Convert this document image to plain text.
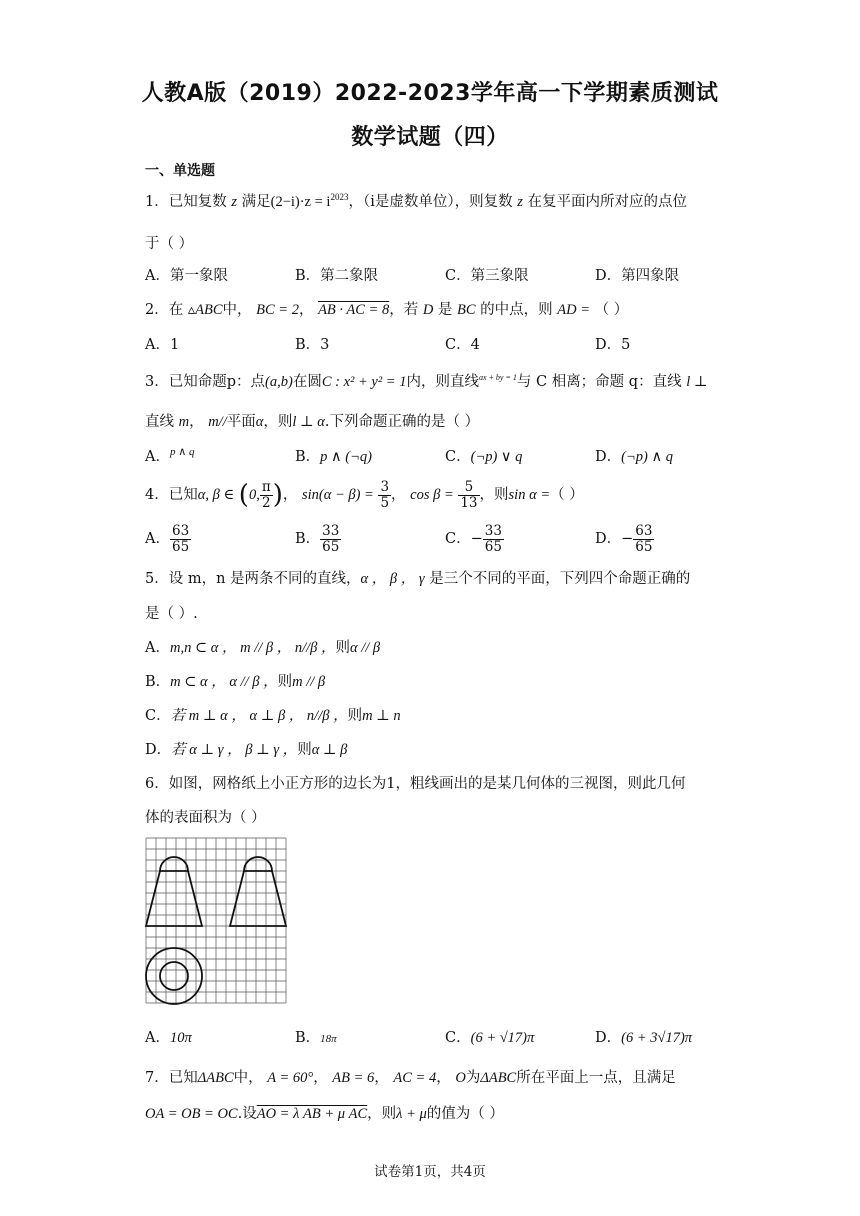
人教A版（2019）2022-2023学年高一下学期素质测试
数学试题（四）
一、单选题
1．已知复数 z 满足$(2-i)\cdot z = i^{2023}$，（i是虚数单位），则复数 z 在复平面内所对应的点位
于（ ）
A．第一象限	B．第二象限	C．第三象限	D．第四象限
2．在 ▵ABC中， BC = 2， AB · AC = 8，若 D 是 BC 的中点，则 AD = （ ）
A．1	B．3	C．4	D．5
3．已知命题p：点(a,b)在圆C : x² + y² = 1内，则直线$^{ax + by = 1}$与 C 相离；命题 q：直线 l ⊥
直线 m， m//平面α，则l ⊥ α.下列命题正确的是（ ）
A．$^{p \wedge q}$	B．p ∧ (¬q)	C．(¬p) ∨ q	D．(¬p) ∧ q
4．已知α, β ∈ (0, $\frac{\pi}{2}$ )， $\sin(\alpha - \beta) = \frac{3}{5}$ ， $\cos \beta = \frac{5}{13}$ ，则sin α =（ ）
A． $\frac{63}{65}$	B． $\frac{33}{65}$	C．− $\frac{33}{65}$	D．− $\frac{63}{65}$
5．设 m，n 是两条不同的直线，α ， β ， γ 是三个不同的平面，下列四个命题正确的
是（ ）.
A．m,n ⊂ α ， m // β ， n//β ，则α // β
B．m ⊂ α ， α // β ，则m // β
C．若 m ⊥ α ， α ⊥ β ， n//β ，则m ⊥ n
D．若 α ⊥ γ ， β ⊥ γ ，则α ⊥ β
6．如图，网格纸上小正方形的边长为1，粗线画出的是某几何体的三视图，则此几何
体的表面积为（ ）
A．10π	B．18π	C．(6 + √17)π	D．(6 + 3√17)π
7．已知ΔABC中， A = 60°， AB = 6， AC = 4， O为ΔABC所在平面上一点，且满足
OA = OB = OC.设AO = λ AB + μ AC，则λ + μ的值为（ ）
试卷第1页，共4页
